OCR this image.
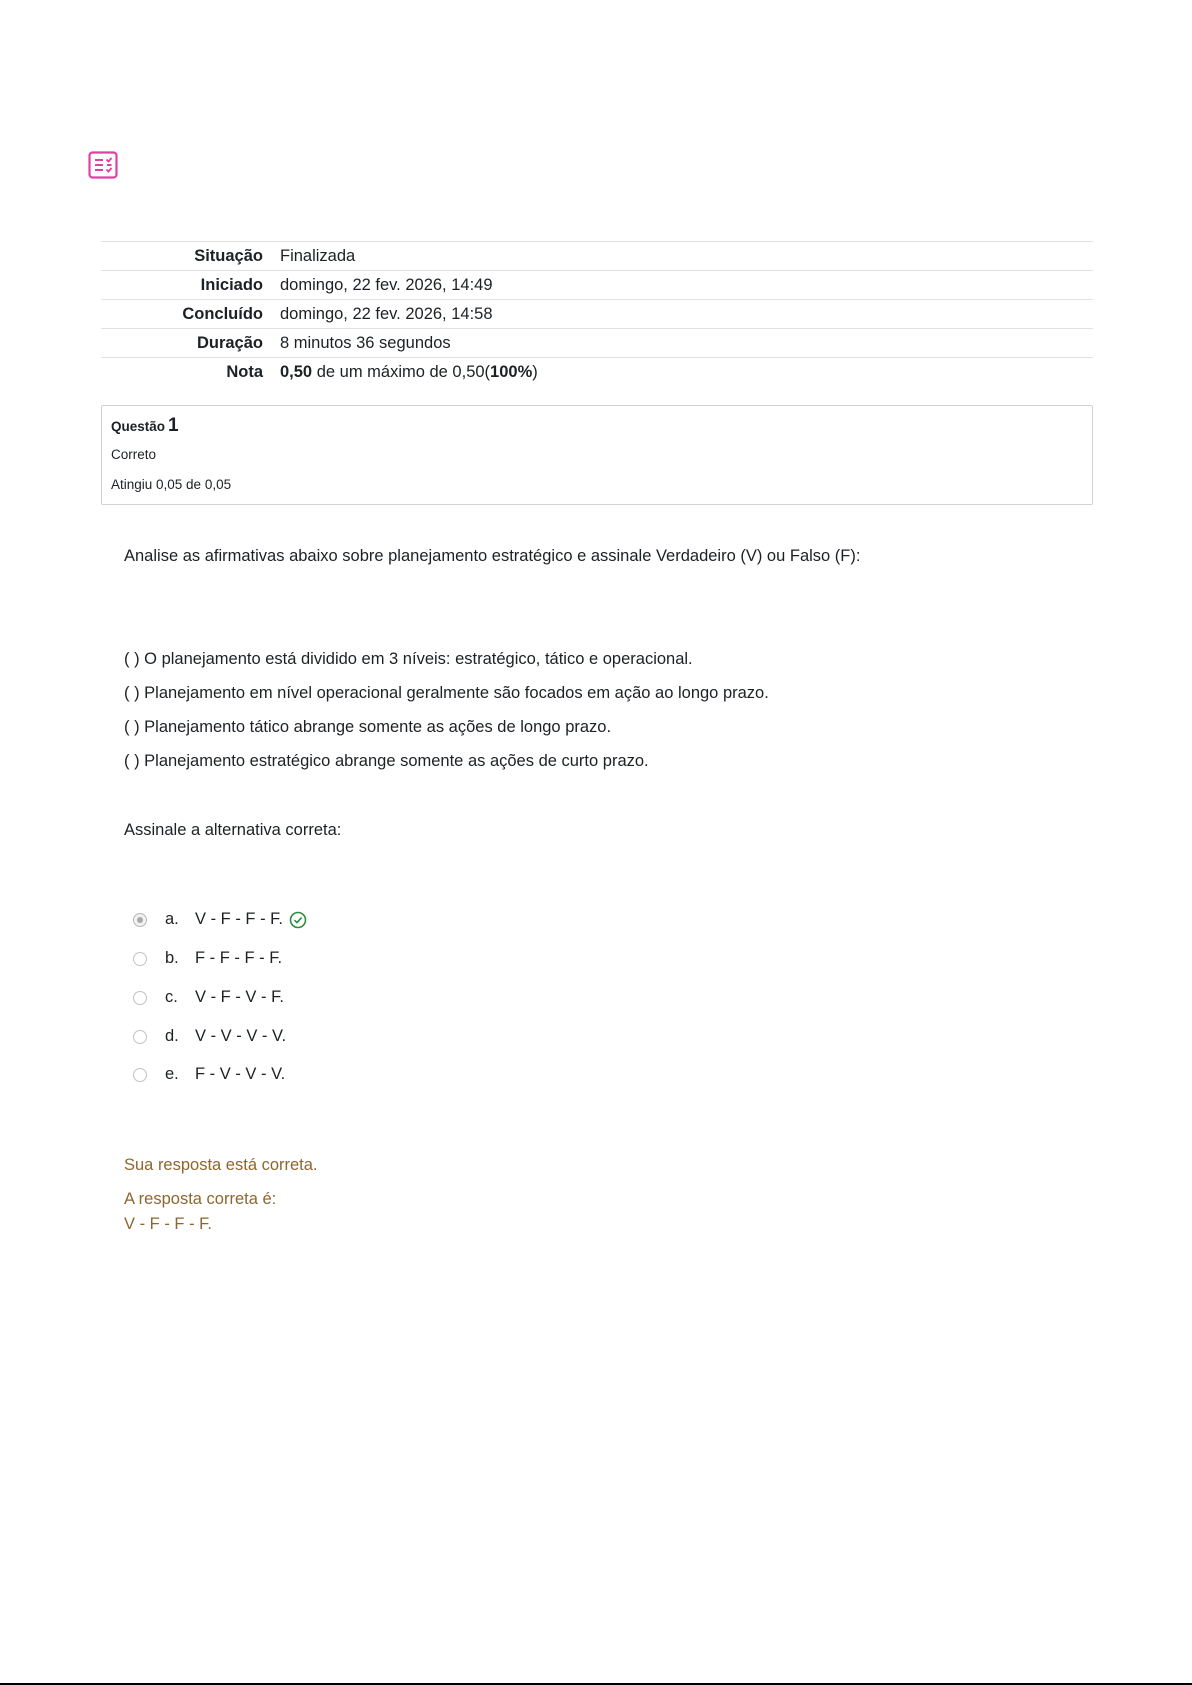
Situação	Finalizada
Iniciado	domingo, 22 fev. 2026, 14:49
Concluído	domingo, 22 fev. 2026, 14:58
Duração	8 minutos 36 segundos
Nota	0,50 de um máximo de 0,50(100%)
Questão 1
Correto
Atingiu 0,05 de 0,05
Analise as afirmativas abaixo sobre planejamento estratégico e assinale Verdadeiro (V) ou Falso (F):
( ) O planejamento está dividido em 3 níveis: estratégico, tático e operacional.
( ) Planejamento em nível operacional geralmente são focados em ação ao longo prazo.
( ) Planejamento tático abrange somente as ações de longo prazo.
( ) Planejamento estratégico abrange somente as ações de curto prazo.
Assinale a alternativa correta:
a. V - F - F - F.
b. F - F - F - F.
c.	V - F - V - F.
d. V - V - V - V.
e. F - V - V - V.
Sua resposta está correta.
A resposta correta é:
V - F - F - F.
